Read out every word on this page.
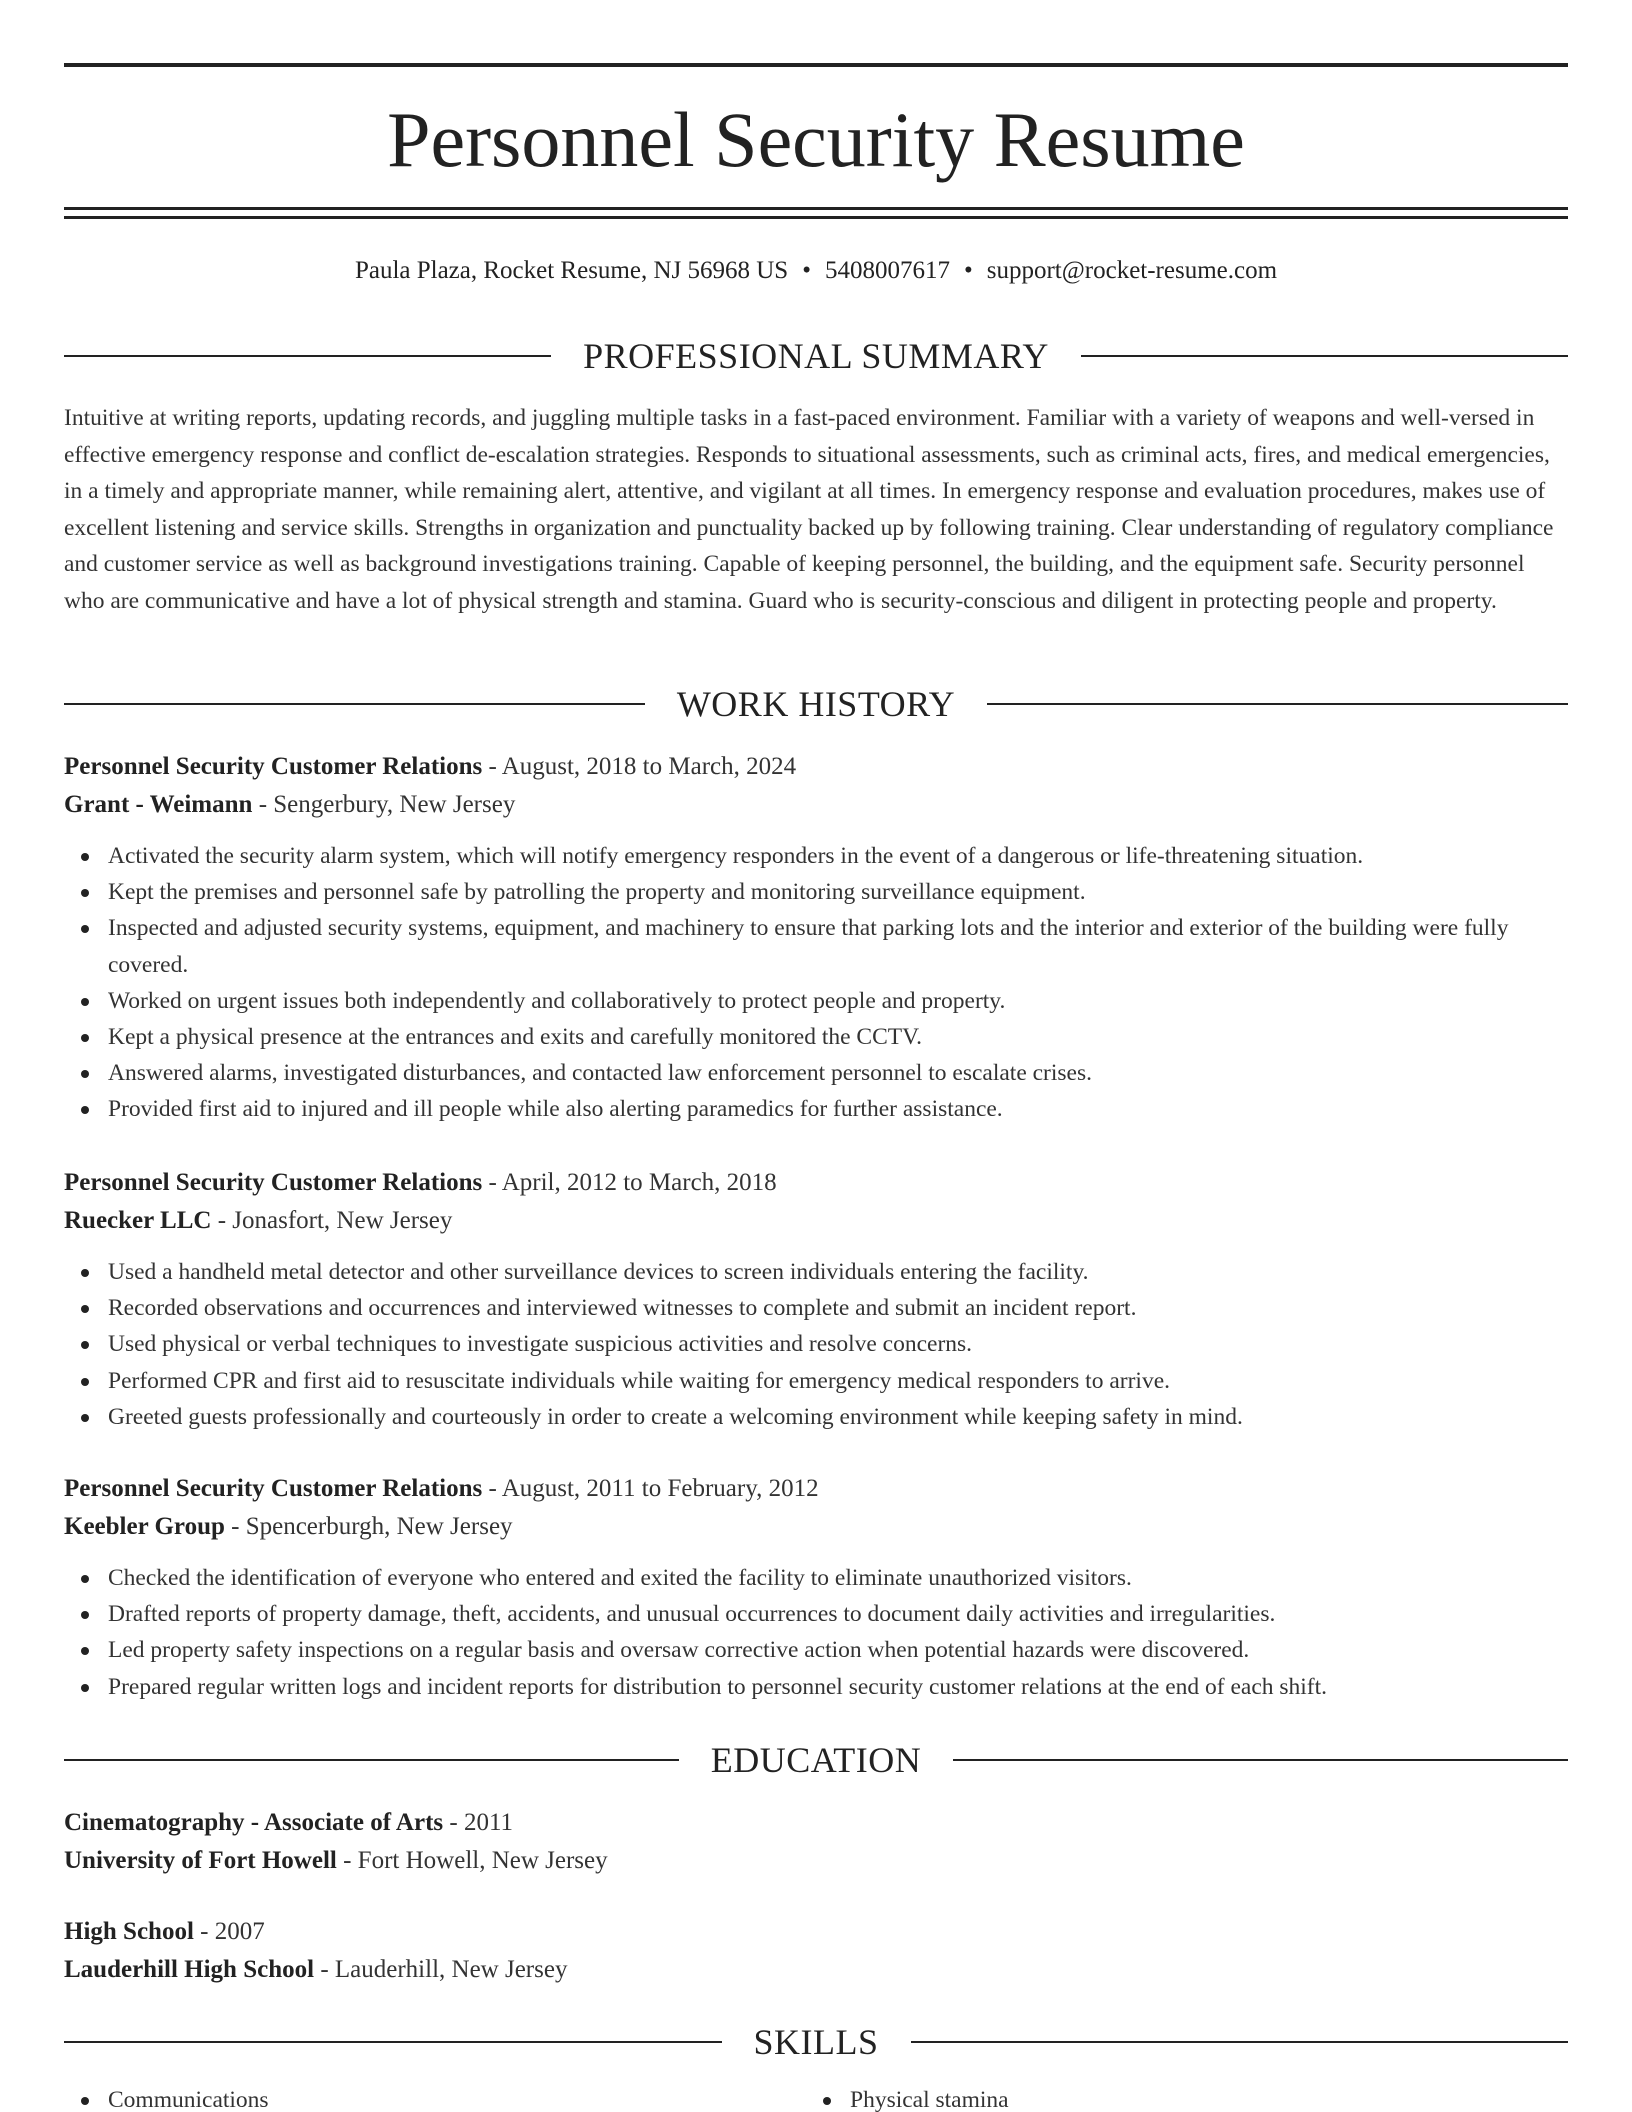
Personnel Security Resume
Paula Plaza, Rocket Resume, NJ 56968 US • 5408007617 • support@rocket-resume.com
PROFESSIONAL SUMMARY

Intuitive at writing reports, updating records, and juggling multiple tasks in a fast-paced environment. Familiar with a variety of weapons and well-versed in effective emergency response and conflict de-escalation strategies. Responds to situational assessments, such as criminal acts, fires, and medical emergencies, in a timely and appropriate manner, while remaining alert, attentive, and vigilant at all times. In emergency response and evaluation procedures, makes use of excellent listening and service skills. Strengths in organization and punctuality backed up by following training. Clear understanding of regulatory compliance and customer service as well as background investigations training. Capable of keeping personnel, the building, and the equipment safe. Security personnel who are communicative and have a lot of physical strength and stamina. Guard who is security-conscious and diligent in protecting people and property.

WORK HISTORY
Personnel Security Customer Relations - August, 2018 to March, 2024
Grant - Weimann - Sengerbury, New Jersey
Activated the security alarm system, which will notify emergency responders in the event of a dangerous or life-threatening situation.
Kept the premises and personnel safe by patrolling the property and monitoring surveillance equipment.
Inspected and adjusted security systems, equipment, and machinery to ensure that parking lots and the interior and exterior of the building were fully covered.
Worked on urgent issues both independently and collaboratively to protect people and property.
Kept a physical presence at the entrances and exits and carefully monitored the CCTV.
Answered alarms, investigated disturbances, and contacted law enforcement personnel to escalate crises.
Provided first aid to injured and ill people while also alerting paramedics for further assistance.
Personnel Security Customer Relations - April, 2012 to March, 2018
Ruecker LLC - Jonasfort, New Jersey
Used a handheld metal detector and other surveillance devices to screen individuals entering the facility.
Recorded observations and occurrences and interviewed witnesses to complete and submit an incident report.
Used physical or verbal techniques to investigate suspicious activities and resolve concerns.
Performed CPR and first aid to resuscitate individuals while waiting for emergency medical responders to arrive.
Greeted guests professionally and courteously in order to create a welcoming environment while keeping safety in mind.
Personnel Security Customer Relations - August, 2011 to February, 2012
Keebler Group - Spencerburgh, New Jersey
Checked the identification of everyone who entered and exited the facility to eliminate unauthorized visitors.
Drafted reports of property damage, theft, accidents, and unusual occurrences to document daily activities and irregularities.
Led property safety inspections on a regular basis and oversaw corrective action when potential hazards were discovered.
Prepared regular written logs and incident reports for distribution to personnel security customer relations at the end of each shift.
EDUCATION
Cinematography - Associate of Arts - 2011
University of Fort Howell - Fort Howell, New Jersey
High School - 2007
Lauderhill High School - Lauderhill, New Jersey
SKILLS
Communications	Physical stamina
